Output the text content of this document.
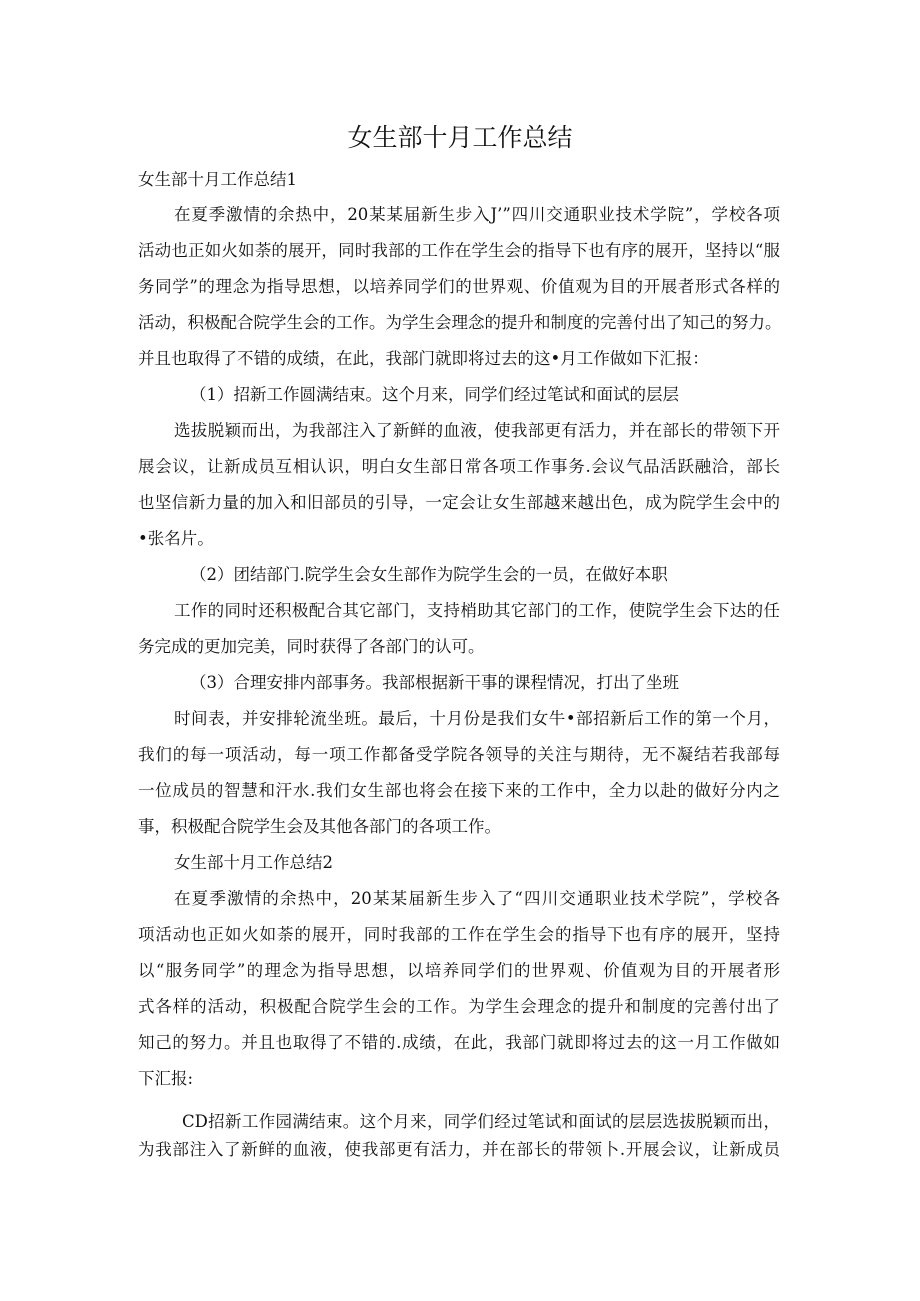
女生部十月工作总结
女生部十月工作总结1
在夏季激情的余热中，20某某届新生步入J’”四川交通职业技术学院”，学校各项
活动也正如火如荼的展开，同时我部的工作在学生会的指导下也有序的展开，坚持以“服
务同学”的理念为指导思想，以培养同学们的世界观、价值观为目的开展者形式各样的
活动，积极配合院学生会的工作。为学生会理念的提升和制度的完善付出了知己的努力。
并且也取得了不错的成绩，在此，我部门就即将过去的这•月工作做如下汇报：
（1）招新工作圆满结束。这个月来，同学们经过笔试和面试的层层
选拔脱颖而出，为我部注入了新鲜的血液，使我部更有活力，并在部长的带领下开
展会议，让新成员互相认识，明白女生部日常各项工作事务.会议气品活跃融洽，部长
也坚信新力量的加入和旧部员的引导，一定会让女生部越来越出色，成为院学生会中的
•张名片。
（2）团结部门.院学生会女生部作为院学生会的一员，在做好本职
工作的同时还积极配合其它部门，支持梢助其它部门的工作，使院学生会下达的任
务完成的更加完美，同时获得了各部门的认可。
（3）合理安排内部事务。我部根据新干事的课程情况，打出了坐班
时间表，并安排轮流坐班。最后，十月份是我们女牛•部招新后工作的第一个月，
我们的每一项活动，每一项工作都备受学院各领导的关注与期待，无不凝结若我部每
一位成员的智慧和汗水.我们女生部也将会在接下来的工作中，全力以赴的做好分内之
事，积极配合院学生会及其他各部门的各项工作。
女生部十月工作总结2
在夏季激情的余热中，20某某届新生步入了“四川交通职业技术学院”，学校各
项活动也正如火如荼的展开，同时我部的工作在学生会的指导下也有序的展开，坚持
以“服务同学”的理念为指导思想，以培养同学们的世界观、价值观为目的开展者形
式各样的活动，积极配合院学生会的工作。为学生会理念的提升和制度的完善付出了
知己的努力。并且也取得了不错的.成绩，在此，我部门就即将过去的这一月工作做如
下汇报:
CD招新工作园满结束。这个月来，同学们经过笔试和面试的层层选拔脱颖而出，
为我部注入了新鲜的血液，使我部更有活力，并在部长的带领卜.开展会议，让新成员
